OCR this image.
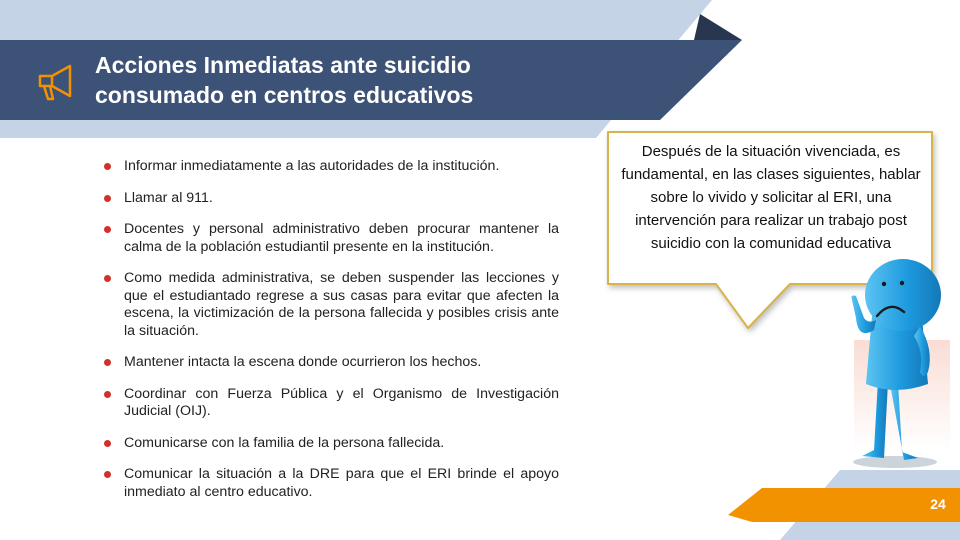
Acciones Inmediatas ante suicidio consumado en centros educativos
Informar inmediatamente a las autoridades de la institución.
Llamar al 911.
Docentes y personal administrativo deben procurar mantener la calma de la población estudiantil presente en la institución.
Como medida administrativa, se deben suspender las lecciones y que el estudiantado regrese a sus casas para evitar que afecten la escena, la victimización de la persona fallecida y posibles crisis ante la situación.
Mantener intacta la escena donde ocurrieron los hechos.
Coordinar con Fuerza Pública y el Organismo de Investigación Judicial (OIJ).
Comunicarse con la familia de la persona fallecida.
Comunicar la situación a la DRE para que el ERI brinde el apoyo inmediato al centro educativo.

Después de la situación vivenciada, es fundamental, en las clases siguientes, hablar sobre lo vivido y solicitar al ERI, una intervención para realizar un trabajo post suicidio con la comunidad educativa

24
